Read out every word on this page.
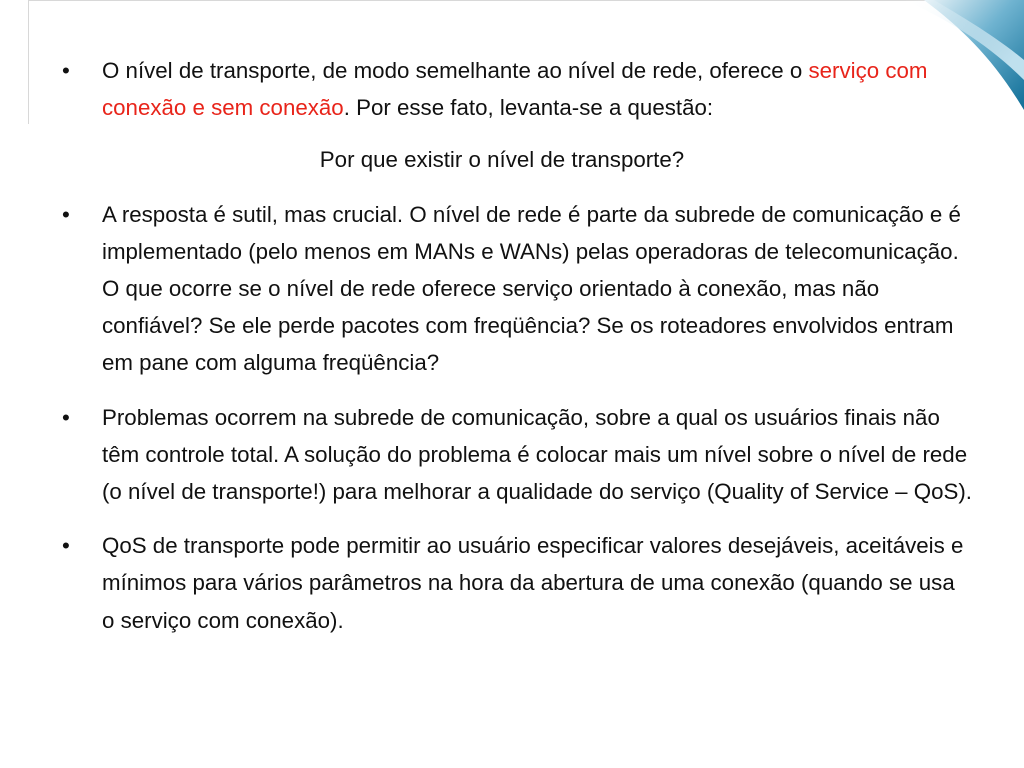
•	O nível de transporte, de modo semelhante ao nível de rede, oferece o serviço com conexão e sem conexão. Por esse fato, levanta-se a questão:
Por que existir o nível de transporte?
•	A resposta é sutil, mas crucial. O nível de rede é parte da subrede de comunicação e é implementado (pelo menos em MANs e WANs) pelas operadoras de telecomunicação. O que ocorre se o nível de rede oferece serviço orientado à conexão, mas não confiável? Se ele perde pacotes com freqüência? Se os roteadores envolvidos entram em pane com alguma freqüência?
•	Problemas ocorrem na subrede de comunicação, sobre a qual os usuários finais não têm controle total. A solução do problema é colocar mais um nível sobre o nível de rede (o nível de transporte!) para melhorar a qualidade do serviço (Quality of Service – QoS).
•	QoS de transporte pode permitir ao usuário especificar valores desejáveis, aceitáveis e mínimos para vários parâmetros na hora da abertura de uma conexão (quando se usa o serviço com conexão).
